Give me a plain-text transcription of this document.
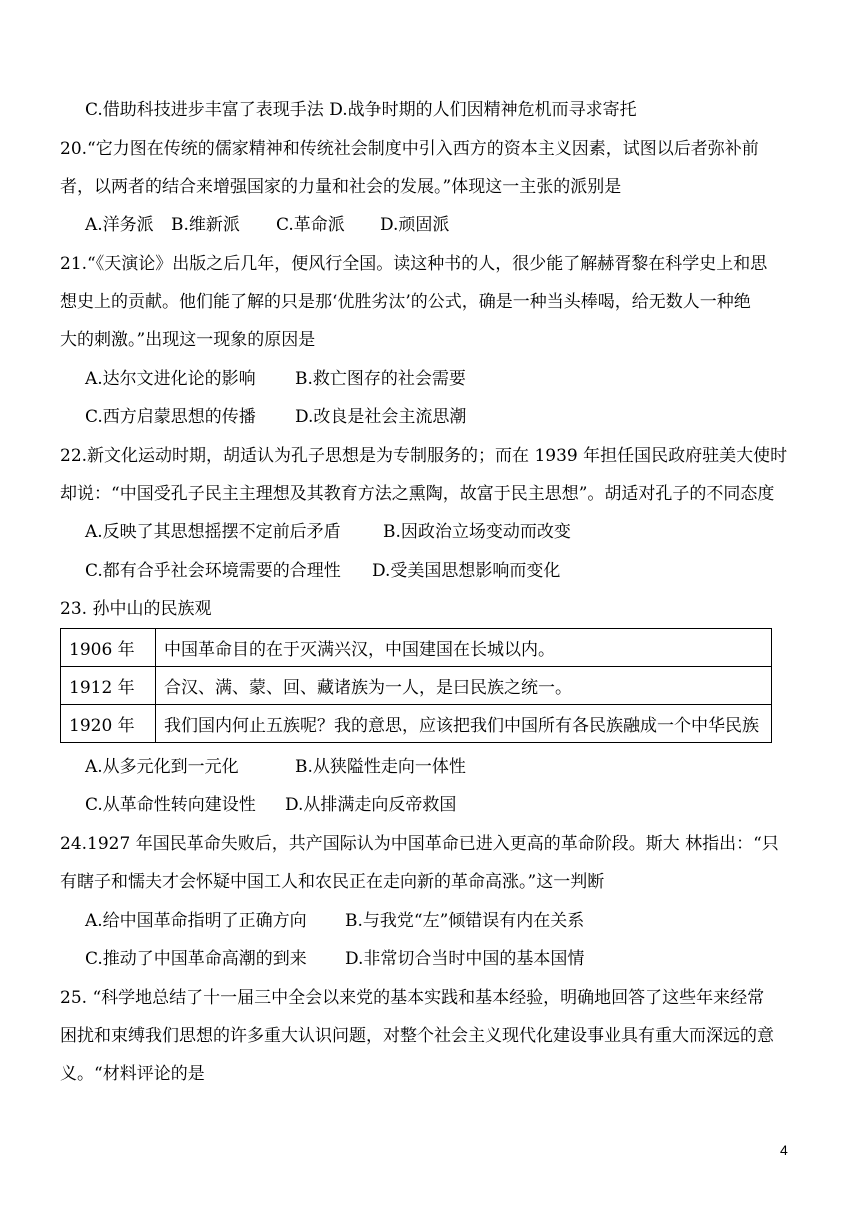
C.借助科技进步丰富了表现手法 D.战争时期的人们因精神危机而寻求寄托
20.“它力图在传统的儒家精神和传统社会制度中引入西方的资本主义因素，试图以后者弥补前
者，以两者的结合来增强国家的力量和社会的发展。”体现这一主张的派别是
A.洋务派 B.维新派 C.革命派 D.顽固派
21.“《天演论》出版之后几年，便风行全国。读这种书的人，很少能了解赫胥黎在科学史上和思
想史上的贡献。他们能了解的只是那‘优胜劣汰’的公式，确是一种当头棒喝，给无数人一种绝
大的刺激。”出现这一现象的原因是
A.达尔文进化论的影响 B.救亡图存的社会需要
C.西方启蒙思想的传播 D.改良是社会主流思潮
22.新文化运动时期，胡适认为孔子思想是为专制服务的；而在 1939 年担任国民政府驻美大使时
却说：“中国受孔子民主主理想及其教育方法之熏陶，故富于民主思想”。胡适对孔子的不同态度
A.反映了其思想摇摆不定前后矛盾 B.因政治立场变动而改变
C.都有合乎社会环境需要的合理性 D.受美国思想影响而变化
23. 孙中山的民族观
1906 年	中国革命目的在于灭满兴汉，中国建国在长城以内。
1912 年	合汉、满、蒙、回、藏诸族为一人，是曰民族之统一。
1920 年	我们国内何止五族呢？我的意思，应该把我们中国所有各民族融成一个中华民族
A.从多元化到一元化	B.从狭隘性走向一体性
C.从革命性转向建设性 D.从排满走向反帝救国
24.1927 年国民革命失败后，共产国际认为中国革命已进入更高的革命阶段。斯大 林指出：“只
有瞎子和懦夫才会怀疑中国工人和农民正在走向新的革命高涨。”这一判断
A.给中国革命指明了正确方向 B.与我党“左”倾错误有内在关系
C.推动了中国革命高潮的到来 D.非常切合当时中国的基本国情
25. “科学地总结了十一届三中全会以来党的基本实践和基本经验，明确地回答了这些年来经常
困扰和束缚我们思想的许多重大认识问题，对整个社会主义现代化建设事业具有重大而深远的意
义。“材料评论的是
4
